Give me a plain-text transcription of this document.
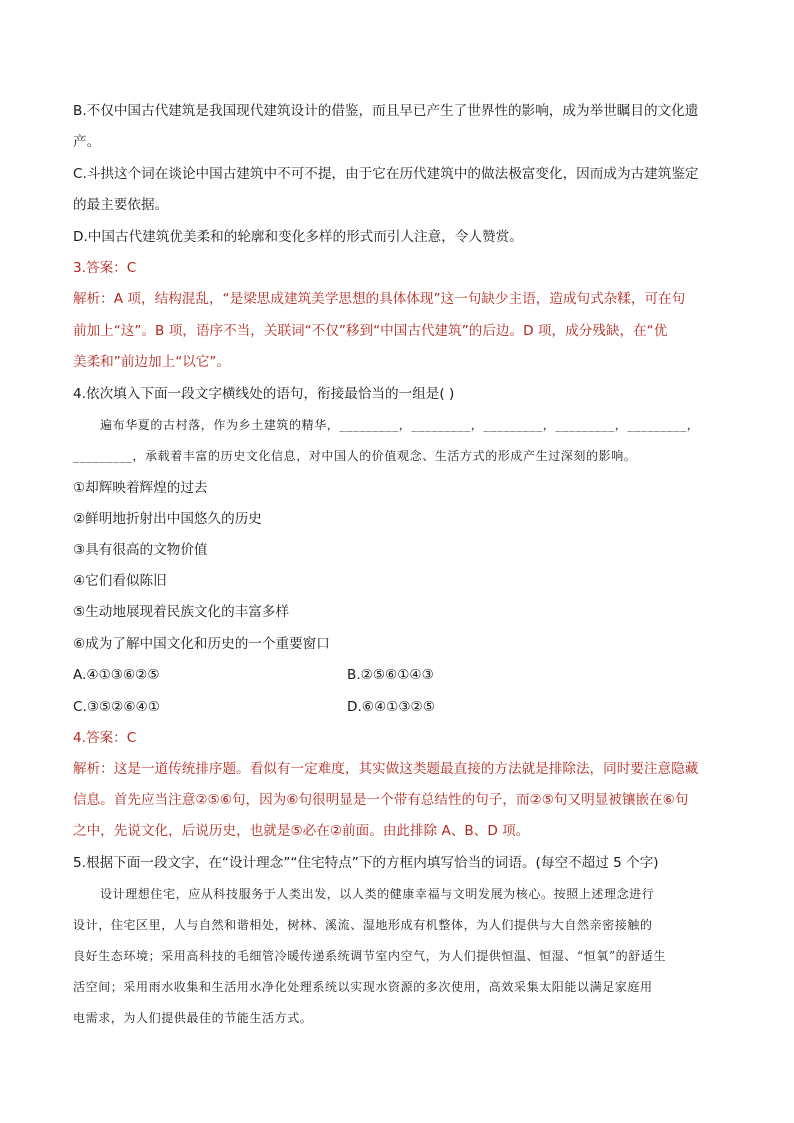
B.不仅中国古代建筑是我国现代建筑设计的借鉴，而且早已产生了世界性的影响，成为举世瞩目的文化遗
产。
C.斗拱这个词在谈论中国古建筑中不可不提，由于它在历代建筑中的做法极富变化，因而成为古建筑鉴定
的最主要依据。
D.中国古代建筑优美柔和的轮廓和变化多样的形式而引人注意，令人赞赏。
3.答案：C
解析：A 项，结构混乱，“是梁思成建筑美学思想的具体体现”这一句缺少主语，造成句式杂糅，可在句
前加上“这”。B 项，语序不当，关联词“不仅”移到“中国古代建筑”的后边。D 项，成分残缺，在“优
美柔和”前边加上“以它”。
4.依次填入下面一段文字横线处的语句，衔接最恰当的一组是( )
遍布华夏的古村落，作为乡土建筑的精华，_________，_________，_________，_________，_________，
_________，承载着丰富的历史文化信息，对中国人的价值观念、生活方式的形成产生过深刻的影响。
①却辉映着辉煌的过去
②鲜明地折射出中国悠久的历史
③具有很高的文物价值
④它们看似陈旧
⑤生动地展现着民族文化的丰富多样
⑥成为了解中国文化和历史的一个重要窗口
A.④①③⑥②⑤	B.②⑤⑥①④③
C.③⑤②⑥④①	D.⑥④①③②⑤
4.答案：C
解析：这是一道传统排序题。看似有一定难度，其实做这类题最直接的方法就是排除法，同时要注意隐藏
信息。首先应当注意②⑤⑥句，因为⑥句很明显是一个带有总结性的句子，而②⑤句又明显被镶嵌在⑥句
之中，先说文化，后说历史，也就是⑤必在②前面。由此排除 A、B、D 项。
5.根据下面一段文字，在“设计理念”“住宅特点”下的方框内填写恰当的词语。(每空不超过 5 个字)
设计理想住宅，应从科技服务于人类出发，以人类的健康幸福与文明发展为核心。按照上述理念进行
设计，住宅区里，人与自然和谐相处，树林、溪流、湿地形成有机整体，为人们提供与大自然亲密接触的
良好生态环境；采用高科技的毛细管冷暖传递系统调节室内空气，为人们提供恒温、恒湿、“恒氧”的舒适生
活空间；采用雨水收集和生活用水净化处理系统以实现水资源的多次使用，高效采集太阳能以满足家庭用
电需求，为人们提供最佳的节能生活方式。
